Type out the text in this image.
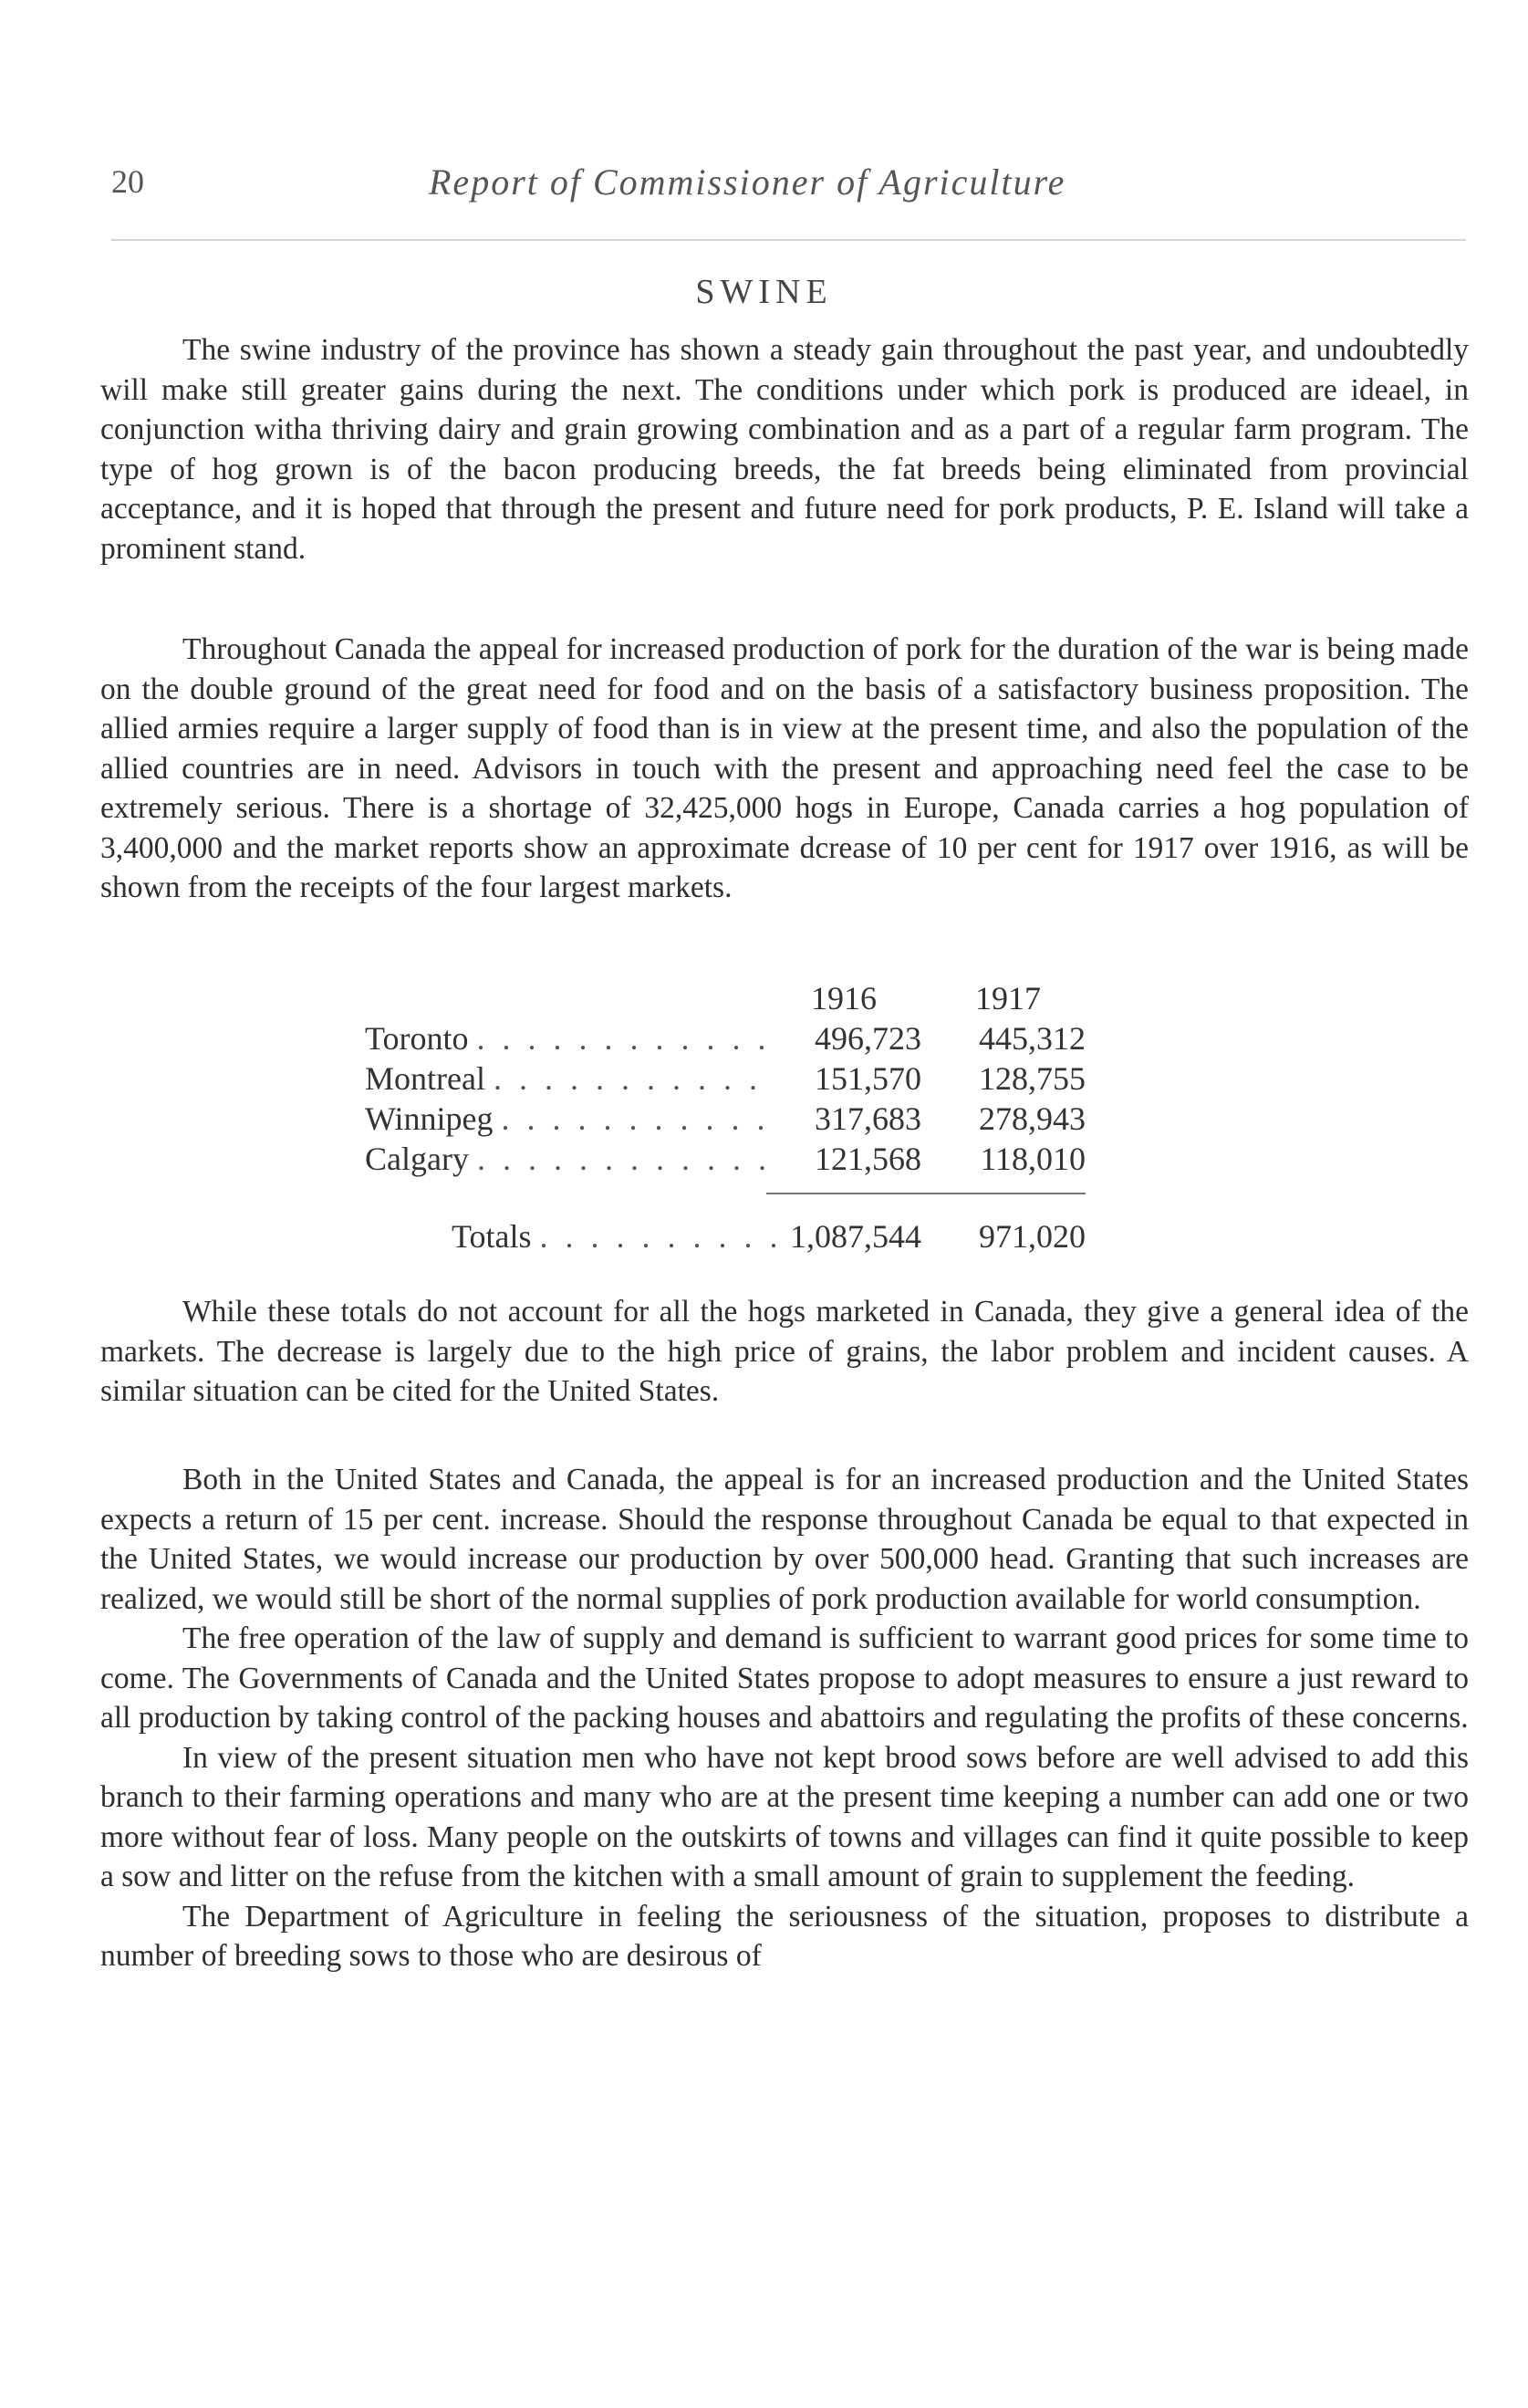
20	Report of Commissioner of Agriculture
SWINE

The swine industry of the province has shown a steady gain throughout the past year, and undoubtedly will make still greater gains during the next. The conditions under which pork is produced are ideael, in conjunction witha thriving dairy and grain growing combination and as a part of a regular farm program. The type of hog grown is of the bacon producing breeds, the fat breeds being eliminated from provincial acceptance, and it is hoped that through the present and future need for pork products, P. E. Island will take a prominent stand.

Throughout Canada the appeal for increased production of pork for the duration of the war is being made on the double ground of the great need for food and on the basis of a satisfactory business proposition. The allied armies require a larger supply of food than is in view at the present time, and also the population of the allied countries are in need. Advisors in touch with the present and approaching need feel the case to be extremely serious. There is a shortage of 32,425,000 hogs in Europe, Canada carries a hog population of 3,400,000 and the market reports show an approximate dcrease of 10 per cent for 1917 over 1916, as will be shown from the receipts of the four largest markets.

1916	1917
Toronto . . . . . . . . . . . .	496,723	445,312
Montreal . . . . . . . . . . .	151,570	128,755
Winnipeg . . . . . . . . . . .	317,683	278,943
Calgary . . . . . . . . . . . .	121,568	118,010
Totals . . . . . . . . . . 1,087,544	971,020

While these totals do not account for all the hogs marketed in Canada, they give a general idea of the markets. The decrease is largely due to the high price of grains, the labor problem and incident causes. A similar situation can be cited for the United States.

Both in the United States and Canada, the appeal is for an increased production and the United States expects a return of 15 per cent. increase. Should the response throughout Canada be equal to that expected in the United States, we would increase our production by over 500,000 head. Granting that such increases are realized, we would still be short of the normal supplies of pork production available for world consumption.

The free operation of the law of supply and demand is sufficient to warrant good prices for some time to come. The Governments of Canada and the United States propose to adopt measures to ensure a just reward to all production by taking control of the packing houses and abattoirs and regulating the profits of these concerns.

In view of the present situation men who have not kept brood sows before are well advised to add this branch to their farming operations and many who are at the present time keeping a number can add one or two more without fear of loss. Many people on the outskirts of towns and villages can find it quite possible to keep a sow and litter on the refuse from the kitchen with a small amount of grain to supplement the feeding.

The Department of Agriculture in feeling the seriousness of the situation, proposes to distribute a number of breeding sows to those who are desirous of
